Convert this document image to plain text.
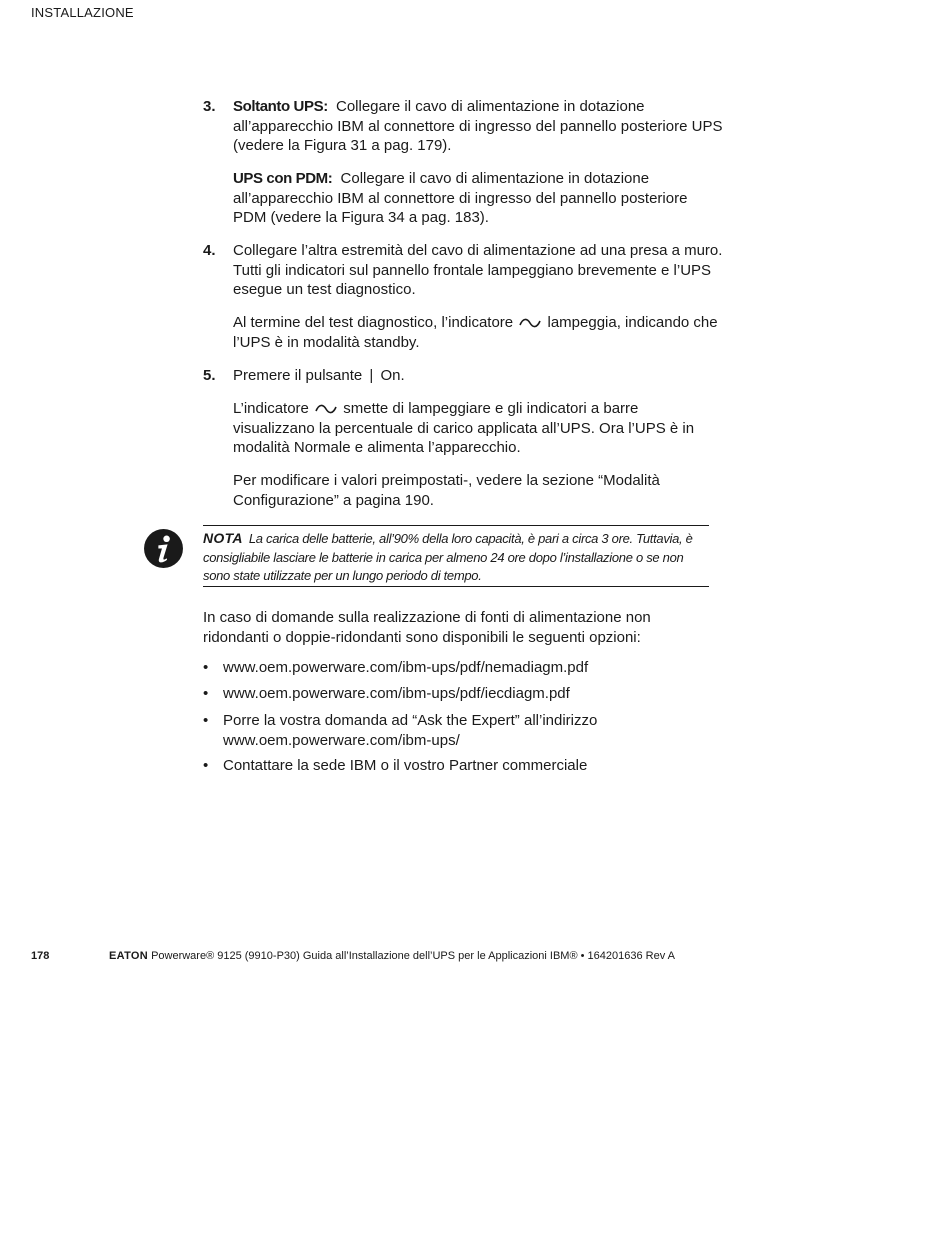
INSTALLAZIONE
3.	Soltanto UPS: Collegare il cavo di alimentazione in dotazione all’apparecchio IBM al connettore di ingresso del pannello posteriore UPS (vedere la Figura 31 a pag. 179).
UPS con PDM: Collegare il cavo di alimentazione in dotazione all’apparecchio IBM al connettore di ingresso del pannello posteriore PDM (vedere la Figura 34 a pag. 183).
4.	Collegare l’altra estremità del cavo di alimentazione ad una presa a muro. Tutti gli indicatori sul pannello frontale lampeggiano brevemente e l’UPS esegue un test diagnostico.
Al termine del test diagnostico, l’indicatore lampeggia, indicando che l’UPS è in modalità standby.
5.	Premere il pulsante | On.
L’indicatore smette di lampeggiare e gli indicatori a barre visualizzano la percentuale di carico applicata all’UPS. Ora l’UPS è in modalità Normale e alimenta l’apparecchio.
Per modificare i valori preimpostati-, vedere la sezione “Modalità Configurazione” a pagina 190.
NOTA La carica delle batterie, all’90% della loro capacità, è pari a circa 3 ore. Tuttavia, è consigliabile lasciare le batterie in carica per almeno 24 ore dopo l’installazione o se non sono state utilizzate per un lungo periodo di tempo.
In caso di domande sulla realizzazione di fonti di alimentazione non ridondanti o doppie-ridondanti sono disponibili le seguenti opzioni:
• www.oem.powerware.com/ibm-ups/pdf/nemadiagm.pdf
• www.oem.powerware.com/ibm-ups/pdf/iecdiagm.pdf
• Porre la vostra domanda ad “Ask the Expert” all’indirizzo www.oem.powerware.com/ibm-ups/
• Contattare la sede IBM o il vostro Partner commerciale
178	EATON Powerware® 9125 (9910-P30) Guida all’Installazione dell’UPS per le Applicazioni IBM® • 164201636 Rev A
